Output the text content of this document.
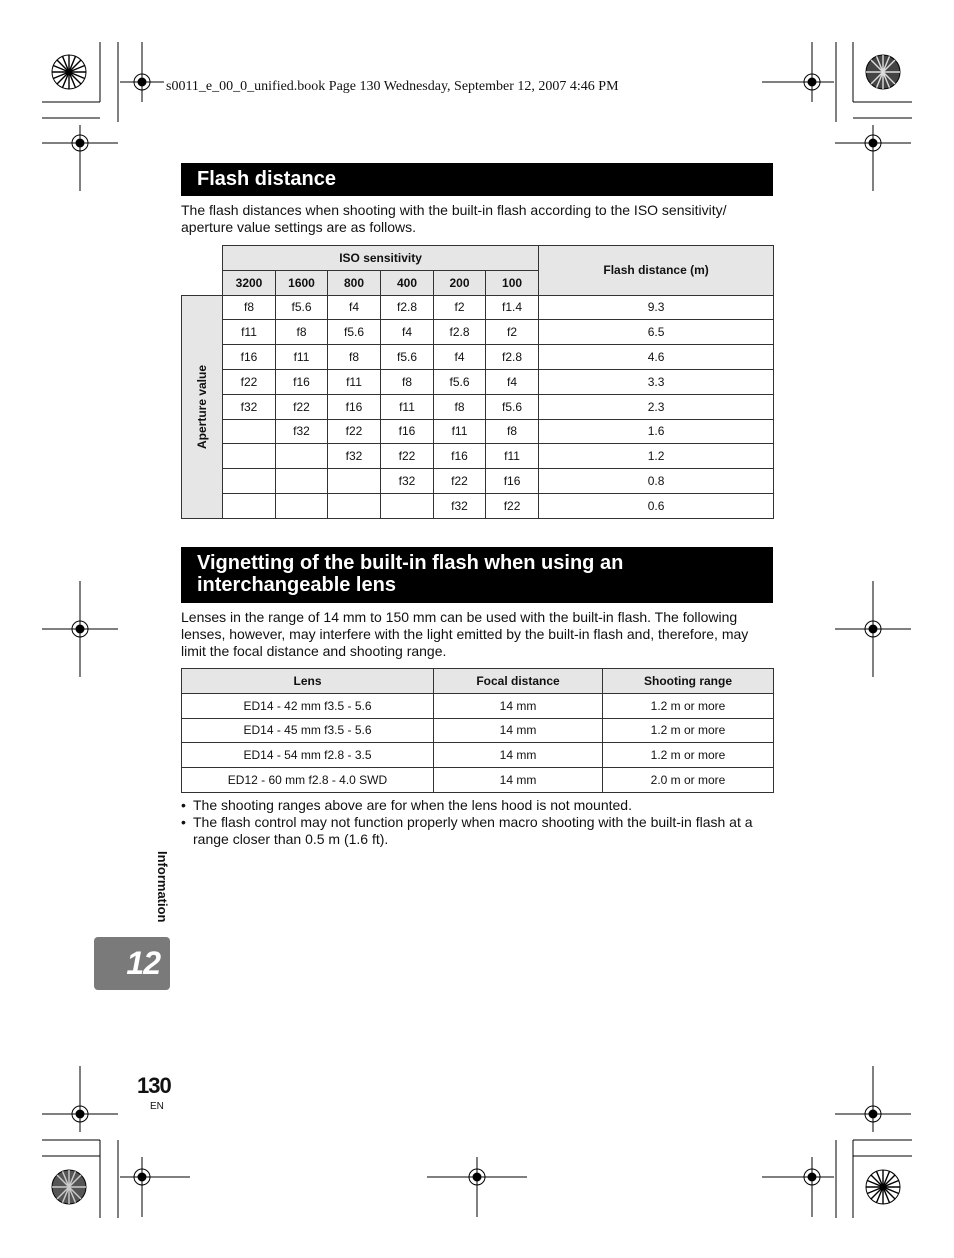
s0011_e_00_0_unified.book Page 130 Wednesday, September 12, 2007 4:46 PM
Flash distance
The flash distances when shooting with the built-in flash according to the ISO sensitivity/ aperture value settings are as follows.
	ISO sensitivity						Flash distance (m)
	3200	1600	800	400	200	100	

Aperture value	f8	f5.6	f4	f2.8	f2	f1.4	9.3
	f11	f8	f5.6	f4	f2.8	f2	6.5
	f16	f11	f8	f5.6	f4	f2.8	4.6
	f22	f16	f11	f8	f5.6	f4	3.3
	f32	f22	f16	f11	f8	f5.6	2.3
		f32	f22	f16	f11	f8	1.6
			f32	f22	f16	f11	1.2
				f32	f22	f16	0.8
					f32	f22	0.6
Vignetting of the built-in flash when using an
interchangeable lens
Lenses in the range of 14 mm to 150 mm can be used with the built-in flash. The following lenses, however, may interfere with the light emitted by the built-in flash and, therefore, may limit the focal distance and shooting range.
Lens	Focal distance	Shooting range
ED14 - 42 mm f3.5 - 5.6	14 mm	1.2 m or more
ED14 - 45 mm f3.5 - 5.6	14 mm	1.2 m or more
ED14 - 54 mm f2.8 - 3.5	14 mm	1.2 m or more
ED12 - 60 mm f2.8 - 4.0 SWD	14 mm	2.0 m or more
• The shooting ranges above are for when the lens hood is not mounted.
• The flash control may not function properly when macro shooting with the built-in flash at a range closer than 0.5 m (1.6 ft).
Information
12
130
EN
